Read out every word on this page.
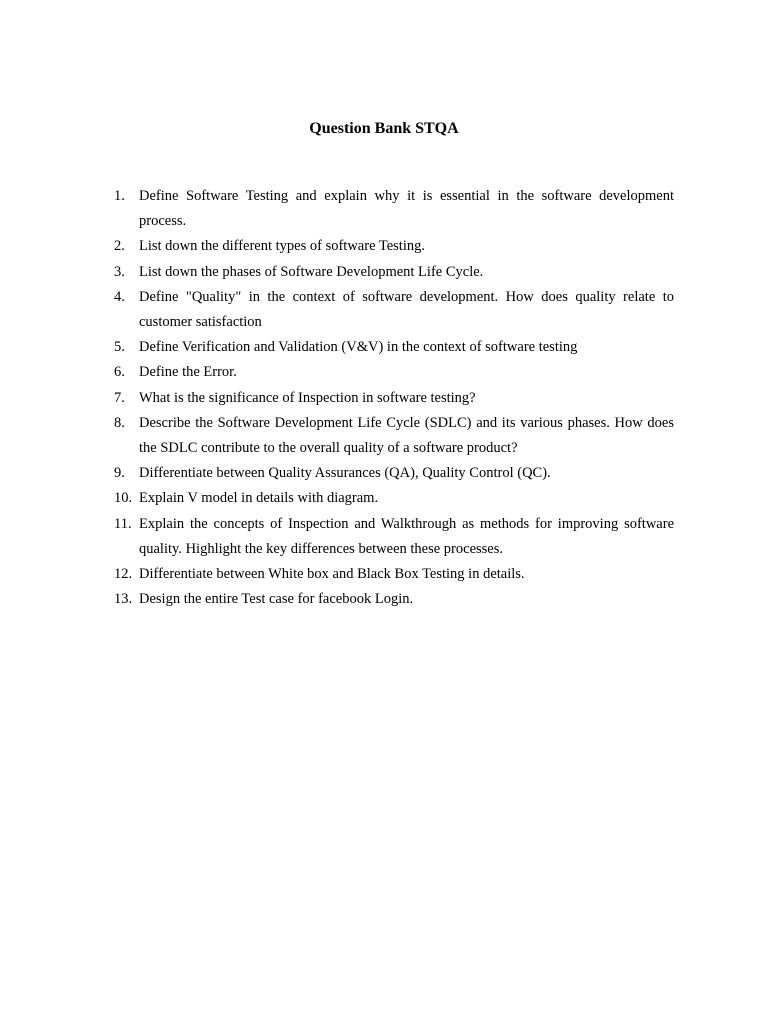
Question Bank STQA
1. Define Software Testing and explain why it is essential in the software development process.
2. List down the different types of software Testing.
3. List down the phases of Software Development Life Cycle.
4. Define "Quality" in the context of software development. How does quality relate to customer satisfaction
5. Define Verification and Validation (V&V) in the context of software testing
6. Define the Error.
7. What is the significance of Inspection in software testing?
8. Describe the Software Development Life Cycle (SDLC) and its various phases. How does the SDLC contribute to the overall quality of a software product?
9. Differentiate between Quality Assurances (QA), Quality Control (QC).
10. Explain V model in details with diagram.
11. Explain the concepts of Inspection and Walkthrough as methods for improving software quality. Highlight the key differences between these processes.
12. Differentiate between White box and Black Box Testing in details.
13. Design the entire Test case for facebook Login.
